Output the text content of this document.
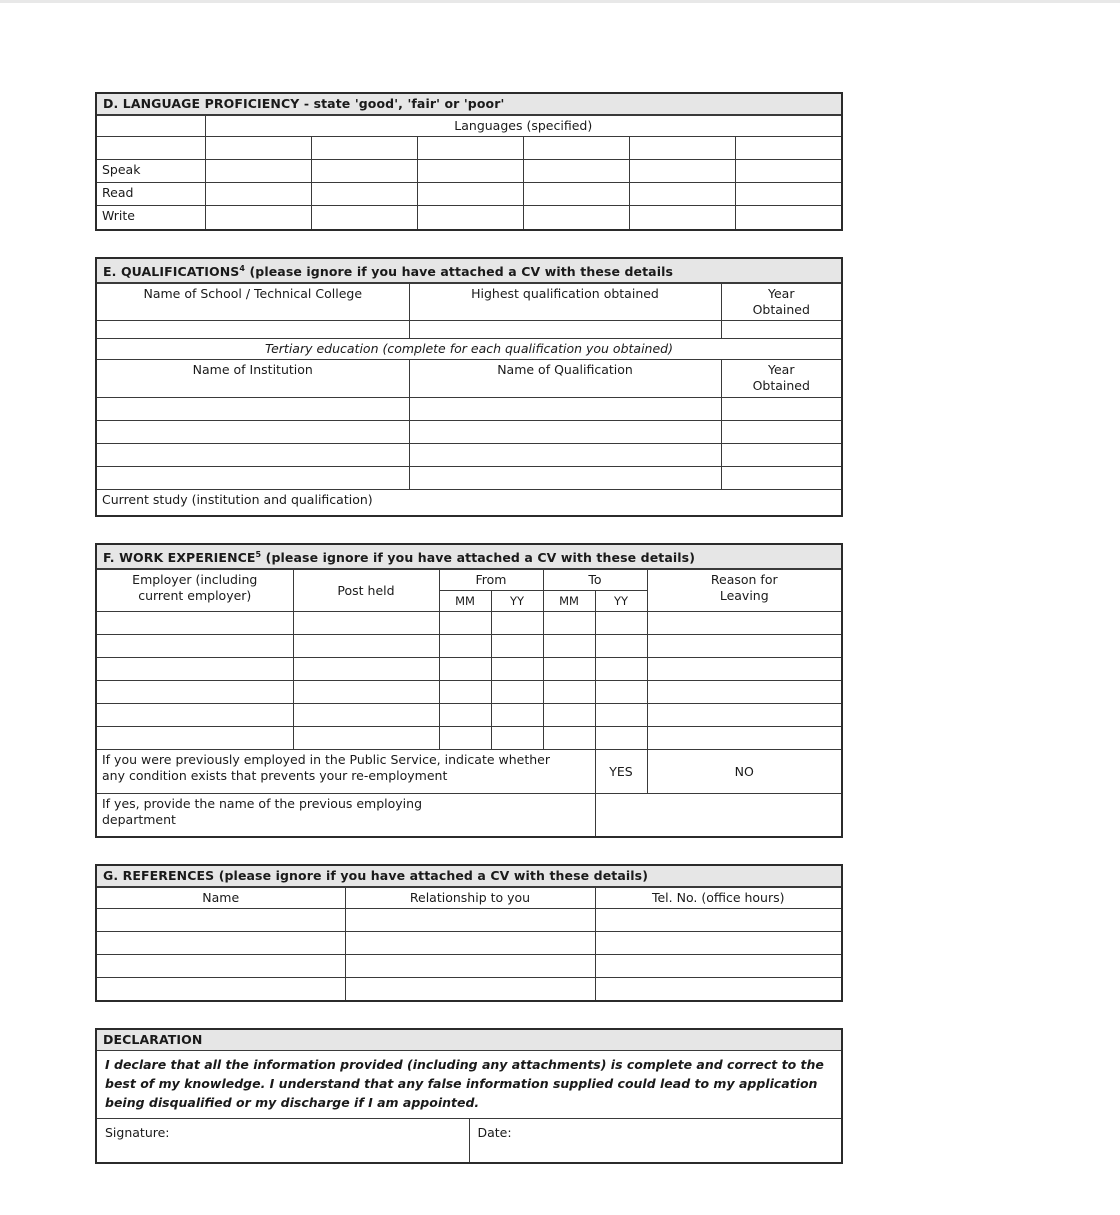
D. LANGUAGE PROFICIENCY - state 'good', 'fair' or 'poor'
	Languages (specified)					

Speak						
Read						
Write						
E. QUALIFICATIONS$^4$ (please ignore if you have attached a CV with these details
Name of School / Technical College	Highest qualification obtained	Year
Obtained

Tertiary education (complete for each qualification you obtained)		
Name of Institution	Name of Qualification	Year
Obtained

Current study (institution and qualification)		
F. WORK EXPERIENCE$^5$ (please ignore if you have attached a CV with these details)
Employer (including
current employer)	Post held	From		To		Reason for
Leaving
		MM	YY	MM	YY	

If you were previously employed in the Public Service, indicate whether
any condition exists that prevents your re-employment					YES	NO
If yes, provide the name of the previous employing
department						
G. REFERENCES (please ignore if you have attached a CV with these details)
Name	Relationship to you	Tel. No. (office hours)

DECLARATION
I declare that all the information provided (including any attachments) is complete and correct to the best of my knowledge. I understand that any false information supplied could lead to my application being disqualified or my discharge if I am appointed.
Signature:	Date:
